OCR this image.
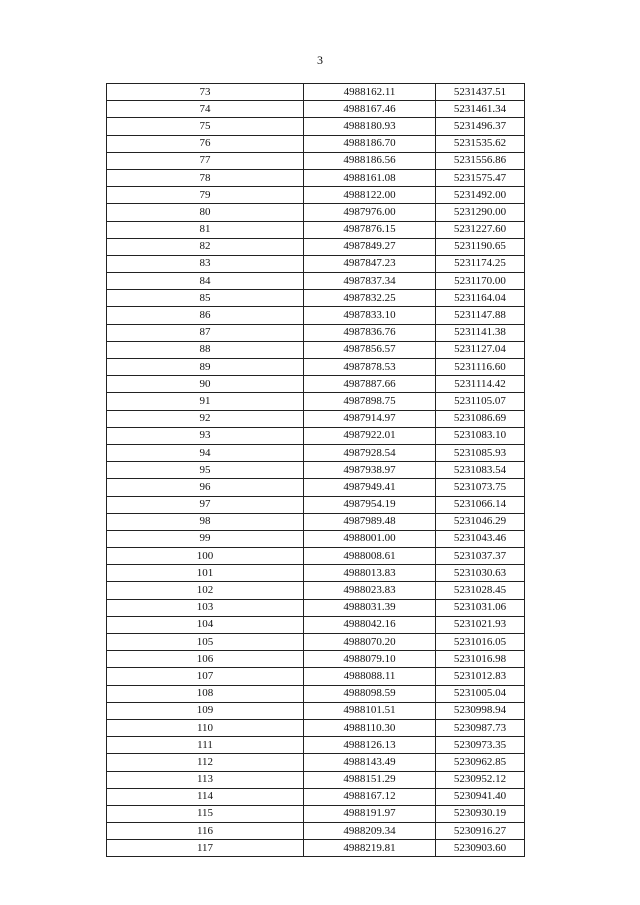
3
73	4988162.11	5231437.51
74	4988167.46	5231461.34
75	4988180.93	5231496.37
76	4988186.70	5231535.62
77	4988186.56	5231556.86
78	4988161.08	5231575.47
79	4988122.00	5231492.00
80	4987976.00	5231290.00
81	4987876.15	5231227.60
82	4987849.27	5231190.65
83	4987847.23	5231174.25
84	4987837.34	5231170.00
85	4987832.25	5231164.04
86	4987833.10	5231147.88
87	4987836.76	5231141.38
88	4987856.57	5231127.04
89	4987878.53	5231116.60
90	4987887.66	5231114.42
91	4987898.75	5231105.07
92	4987914.97	5231086.69
93	4987922.01	5231083.10
94	4987928.54	5231085.93
95	4987938.97	5231083.54
96	4987949.41	5231073.75
97	4987954.19	5231066.14
98	4987989.48	5231046.29
99	4988001.00	5231043.46
100	4988008.61	5231037.37
101	4988013.83	5231030.63
102	4988023.83	5231028.45
103	4988031.39	5231031.06
104	4988042.16	5231021.93
105	4988070.20	5231016.05
106	4988079.10	5231016.98
107	4988088.11	5231012.83
108	4988098.59	5231005.04
109	4988101.51	5230998.94
110	4988110.30	5230987.73
111	4988126.13	5230973.35
112	4988143.49	5230962.85
113	4988151.29	5230952.12
114	4988167.12	5230941.40
115	4988191.97	5230930.19
116	4988209.34	5230916.27
117	4988219.81	5230903.60
